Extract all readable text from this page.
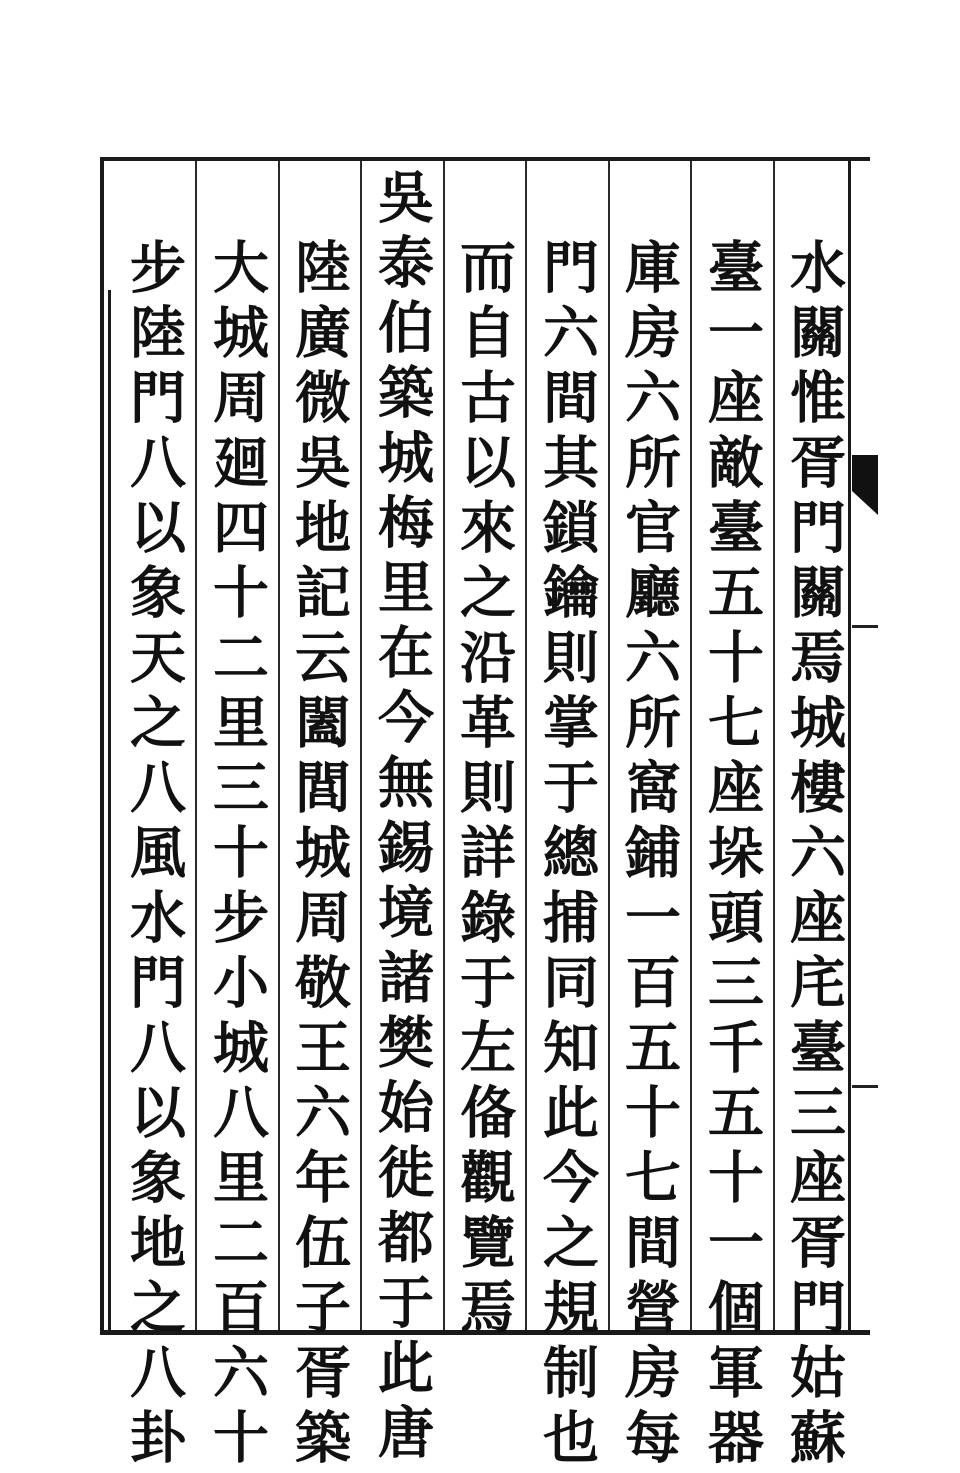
水關惟胥門關焉城樓六座㡯臺三座胥門姑蘇
臺一座敵臺五十七座垛頭三千五十一個軍器
庫房六所官廳六所窩鋪一百五十七間營房每
門六間其鎖鑰則掌于總捕同知此今之規制也
而自古以來之沿革則詳錄于左俻觀覽焉
吳泰伯築城梅里在今無錫境諸樊始徙都于此唐
陸廣微吳地記云闔閭城周敬王六年伍子胥築
大城周廻四十二里三十步小城八里二百六十
步陸門八以象天之八風水門八以象地之八卦
